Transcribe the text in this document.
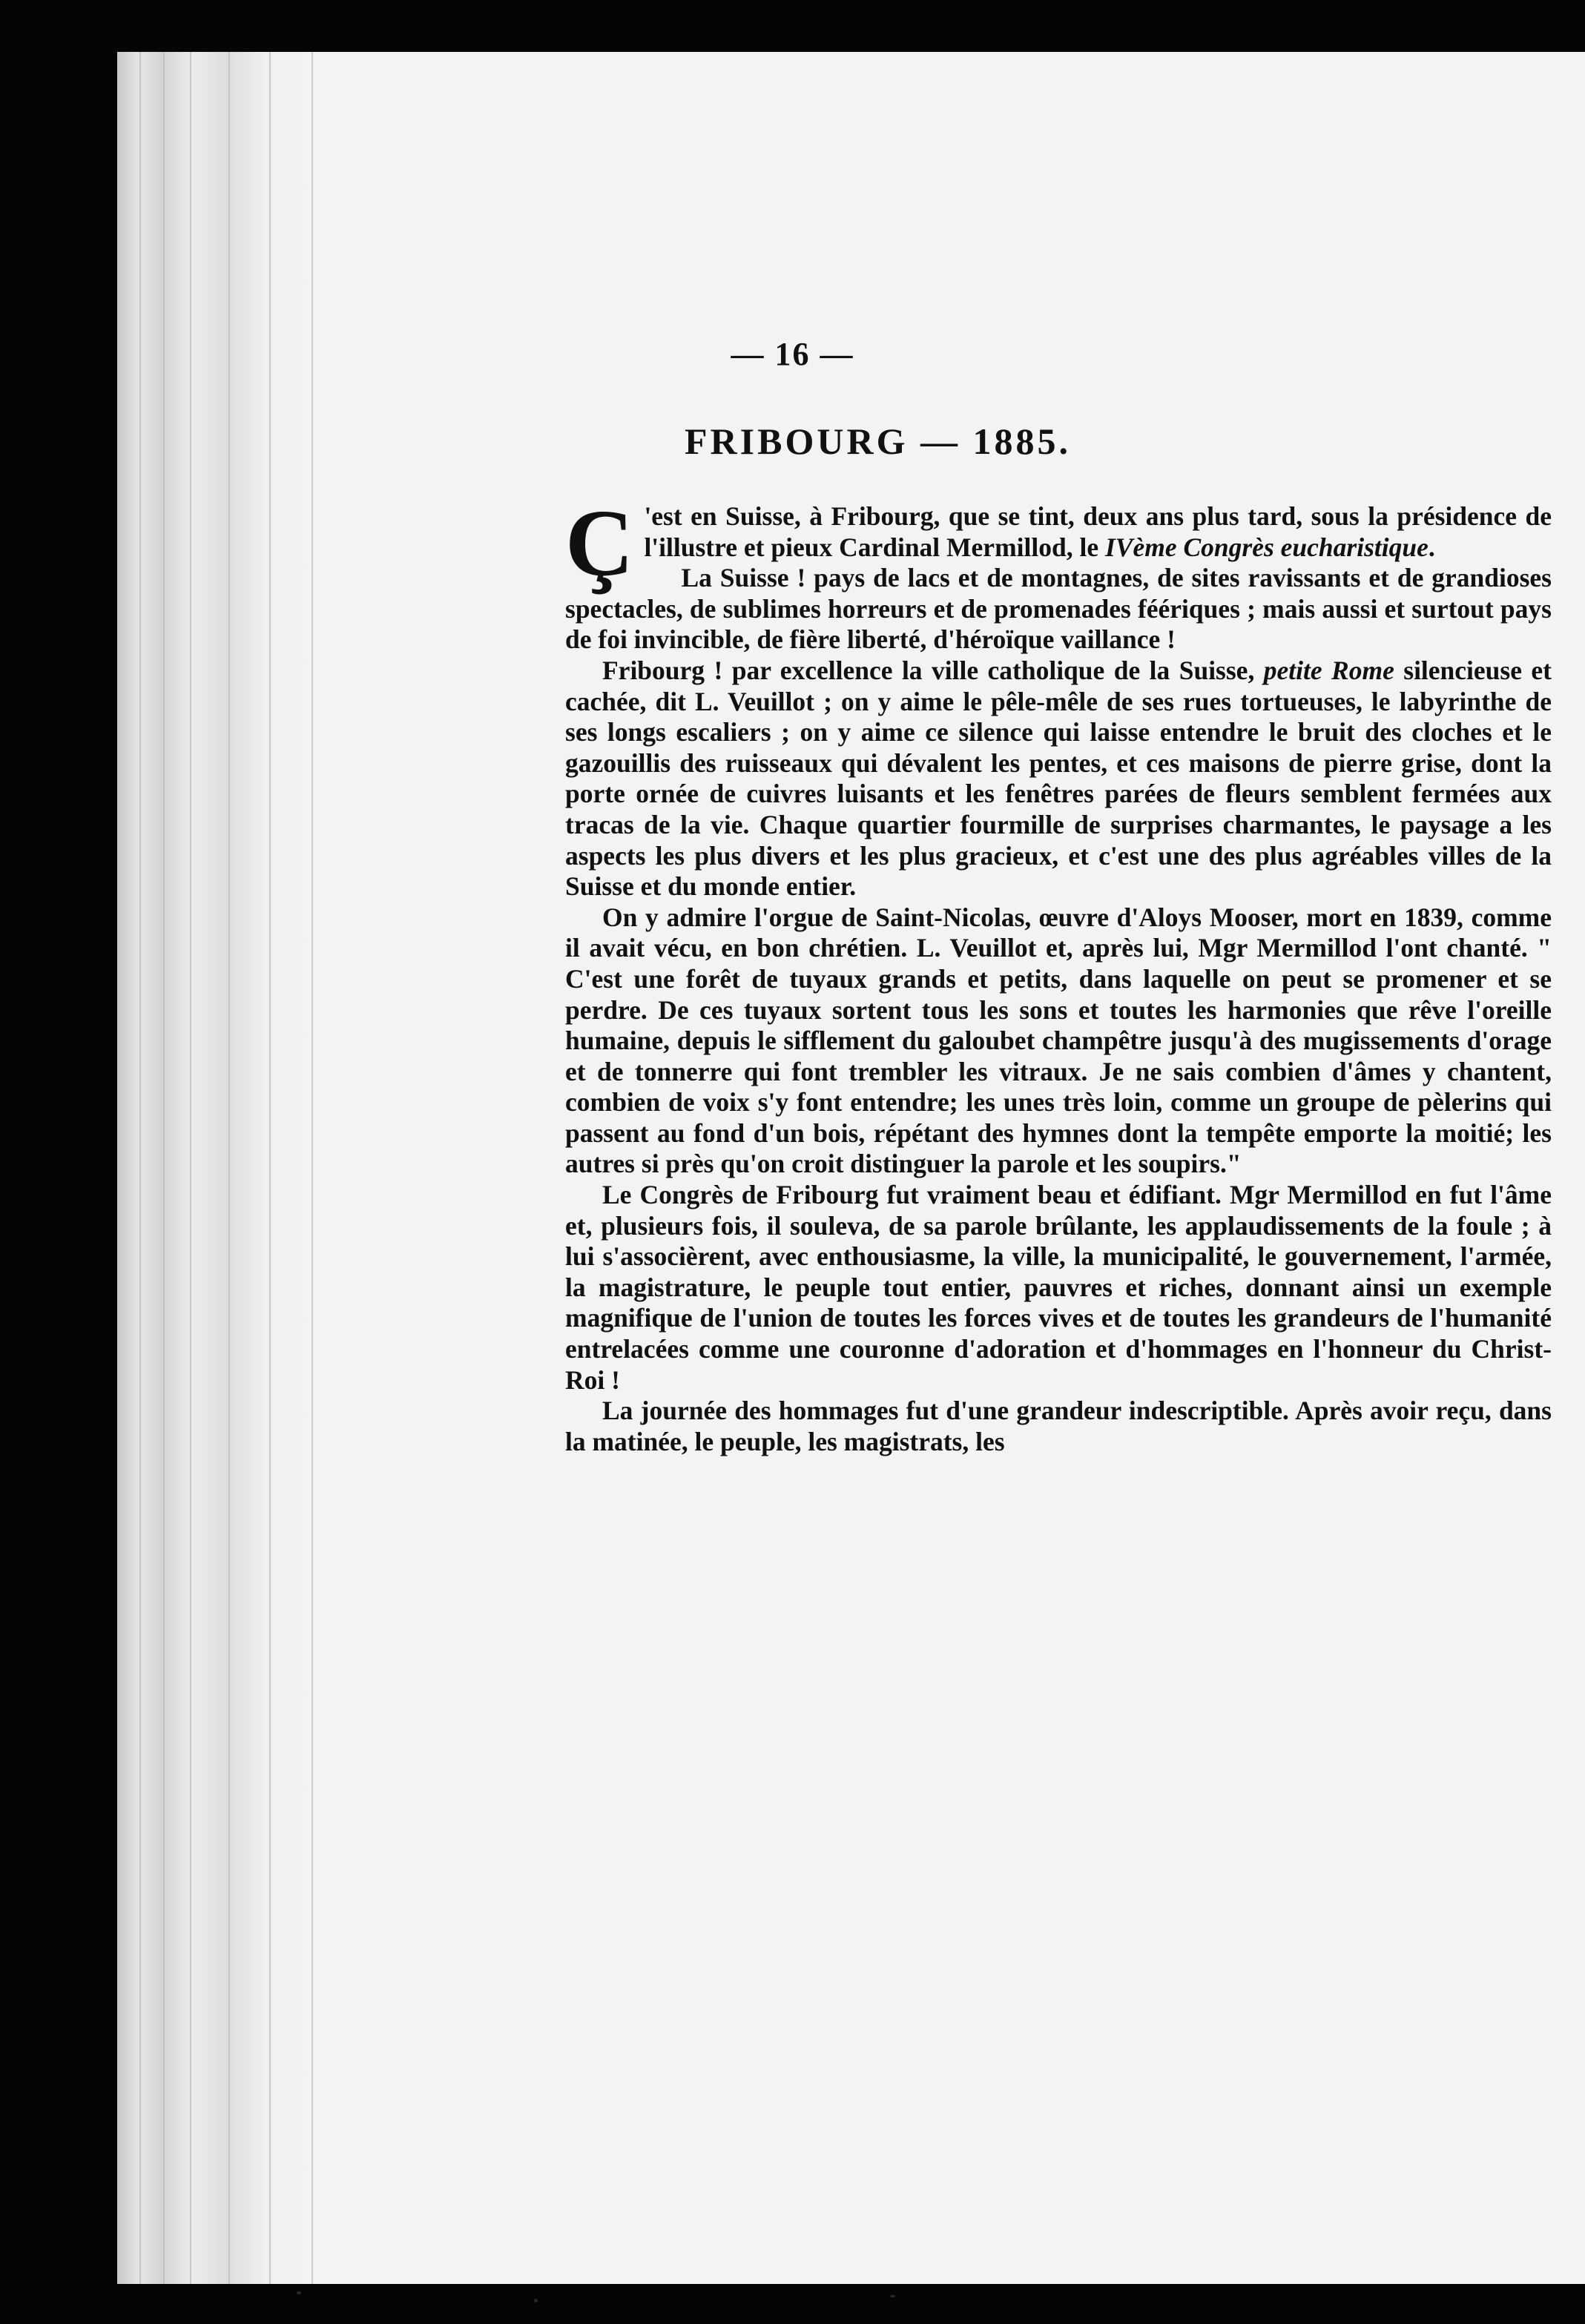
— 16 —
FRIBOURG — 1885.

Ç 'est en Suisse, à Fribourg, que se tint, deux ans plus tard, sous la présidence de l'illustre et pieux Cardinal Mermillod, le IVème Congrès eucharistique.

La Suisse ! pays de lacs et de montagnes, de sites ravissants et de grandioses spectacles, de sublimes horreurs et de promenades féériques ; mais aussi et surtout pays de foi invincible, de fière liberté, d'héroïque vaillance !

Fribourg ! par excellence la ville catholique de la Suisse, petite Rome silencieuse et cachée, dit L. Veuillot ; on y aime le pêle-mêle de ses rues tortueuses, le labyrinthe de ses longs escaliers ; on y aime ce silence qui laisse entendre le bruit des cloches et le gazouillis des ruisseaux qui dévalent les pentes, et ces maisons de pierre grise, dont la porte ornée de cuivres luisants et les fenêtres parées de fleurs semblent fermées aux tracas de la vie. Chaque quartier fourmille de surprises charmantes, le paysage a les aspects les plus divers et les plus gracieux, et c'est une des plus agréables villes de la Suisse et du monde entier.

On y admire l'orgue de Saint-Nicolas, œuvre d'Aloys Mooser, mort en 1839, comme il avait vécu, en bon chrétien. L. Veuillot et, après lui, Mgr Mermillod l'ont chanté. " C'est une forêt de tuyaux grands et petits, dans laquelle on peut se promener et se perdre. De ces tuyaux sortent tous les sons et toutes les harmonies que rêve l'oreille humaine, depuis le sifflement du galoubet champêtre jusqu'à des mugissements d'orage et de tonnerre qui font trembler les vitraux. Je ne sais combien d'âmes y chantent, combien de voix s'y font entendre; les unes très loin, comme un groupe de pèlerins qui passent au fond d'un bois, répétant des hymnes dont la tempête emporte la moitié; les autres si près qu'on croit distinguer la parole et les soupirs."

Le Congrès de Fribourg fut vraiment beau et édifiant. Mgr Mermillod en fut l'âme et, plusieurs fois, il souleva, de sa parole brûlante, les applaudissements de la foule ; à lui s'associèrent, avec enthousiasme, la ville, la municipalité, le gouvernement, l'armée, la magistrature, le peuple tout entier, pauvres et riches, donnant ainsi un exemple magnifique de l'union de toutes les forces vives et de toutes les grandeurs de l'humanité entrelacées comme une couronne d'adoration et d'hommages en l'honneur du Christ-Roi !

La journée des hommages fut d'une grandeur indescriptible. Après avoir reçu, dans la matinée, le peuple, les magistrats, les
